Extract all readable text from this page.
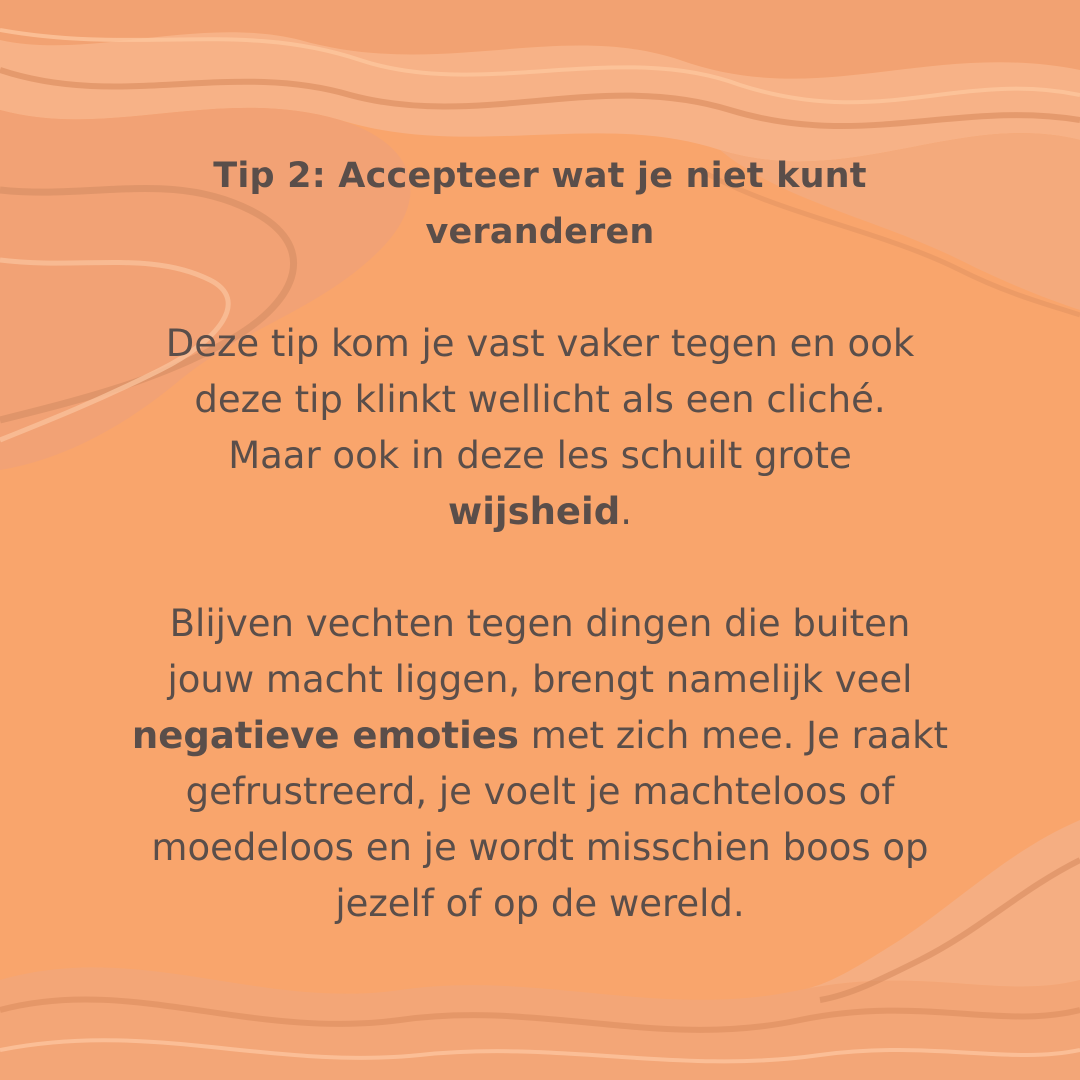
Tip 2: Accepteer wat je niet kunt
veranderen

Deze tip kom je vast vaker tegen en ook
deze tip klinkt wellicht als een cliché.
Maar ook in deze les schuilt grote
wijsheid.

Blijven vechten tegen dingen die buiten
jouw macht liggen, brengt namelijk veel
negatieve emoties met zich mee. Je raakt
gefrustreerd, je voelt je machteloos of
moedeloos en je wordt misschien boos op
jezelf of op de wereld.
